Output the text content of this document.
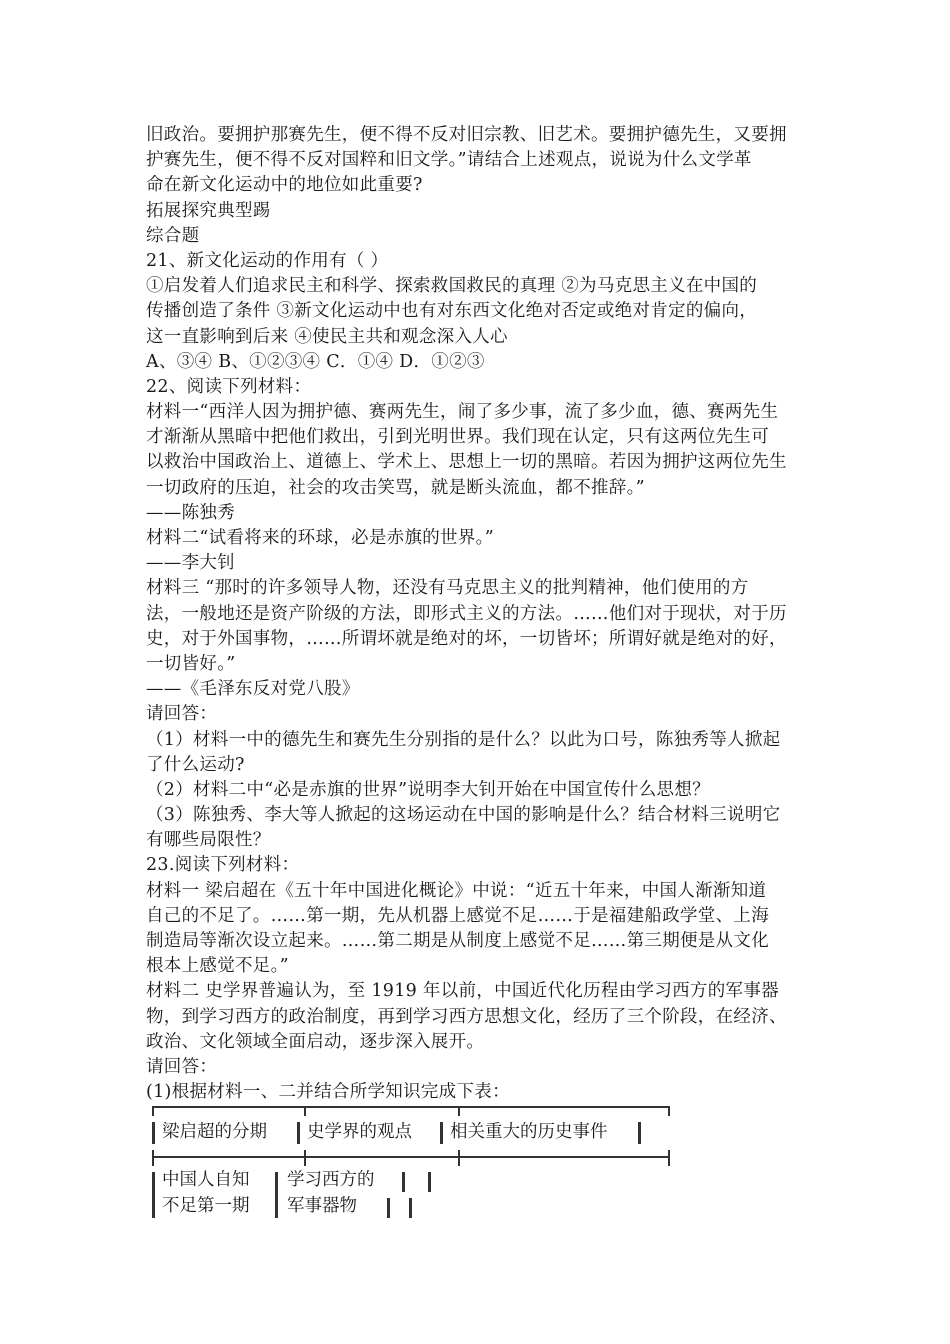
旧政治。要拥护那赛先生，便不得不反对旧宗教、旧艺术。要拥护德先生，又要拥
护赛先生，便不得不反对国粹和旧文学。”请结合上述观点，说说为什么文学革
命在新文化运动中的地位如此重要?
拓展探究典型踢
综合题
21、新文化运动的作用有（ ）
①启发着人们追求民主和科学、探索救国救民的真理 ②为马克思主义在中国的
传播创造了条件 ③新文化运动中也有对东西文化绝对否定或绝对肯定的偏向，
这一直影响到后来 ④使民主共和观念深入人心
A、③④ B、①②③④ C．①④ D．①②③
22、阅读下列材料：
材料一“西洋人因为拥护德、赛两先生，闹了多少事，流了多少血，德、赛两先生
才渐渐从黑暗中把他们救出，引到光明世界。我们现在认定，只有这两位先生可
以救治中国政治上、道德上、学术上、思想上一切的黑暗。若因为拥护这两位先生
一切政府的压迫，社会的攻击笑骂，就是断头流血，都不推辞。”
——陈独秀
材料二“试看将来的环球，必是赤旗的世界。”
——李大钊
材料三 “那时的许多领导人物，还没有马克思主义的批判精神，他们使用的方
法，一般地还是资产阶级的方法，即形式主义的方法。……他们对于现状，对于历
史，对于外国事物，……所谓坏就是绝对的坏，一切皆坏；所谓好就是绝对的好，
一切皆好。”
——《毛泽东反对党八股》
请回答：
（1）材料一中的德先生和赛先生分别指的是什么？以此为口号，陈独秀等人掀起
了什么运动?
（2）材料二中“必是赤旗的世界”说明李大钊开始在中国宣传什么思想？
（3）陈独秀、李大等人掀起的这场运动在中国的影响是什么？结合材料三说明它
有哪些局限性？
23.阅读下列材料：
材料一 梁启超在《五十年中国进化概论》中说：“近五十年来，中国人渐渐知道
自己的不足了。……第一期，先从机器上感觉不足……于是福建船政学堂、上海
制造局等渐次设立起来。……第二期是从制度上感觉不足……第三期便是从文化
根本上感觉不足。”
材料二 史学界普遍认为，至 1919 年以前，中国近代化历程由学习西方的军事器
物，到学习西方的政治制度，再到学习西方思想文化，经历了三个阶段，在经济、
政治、文化领域全面启动，逐步深入展开。
请回答：
(1)根据材料一、二并结合所学知识完成下表：
梁启超的分期 史学界的观点 相关重大的历史事件
中国人自知
不足第一期
学习西方的
军事器物
